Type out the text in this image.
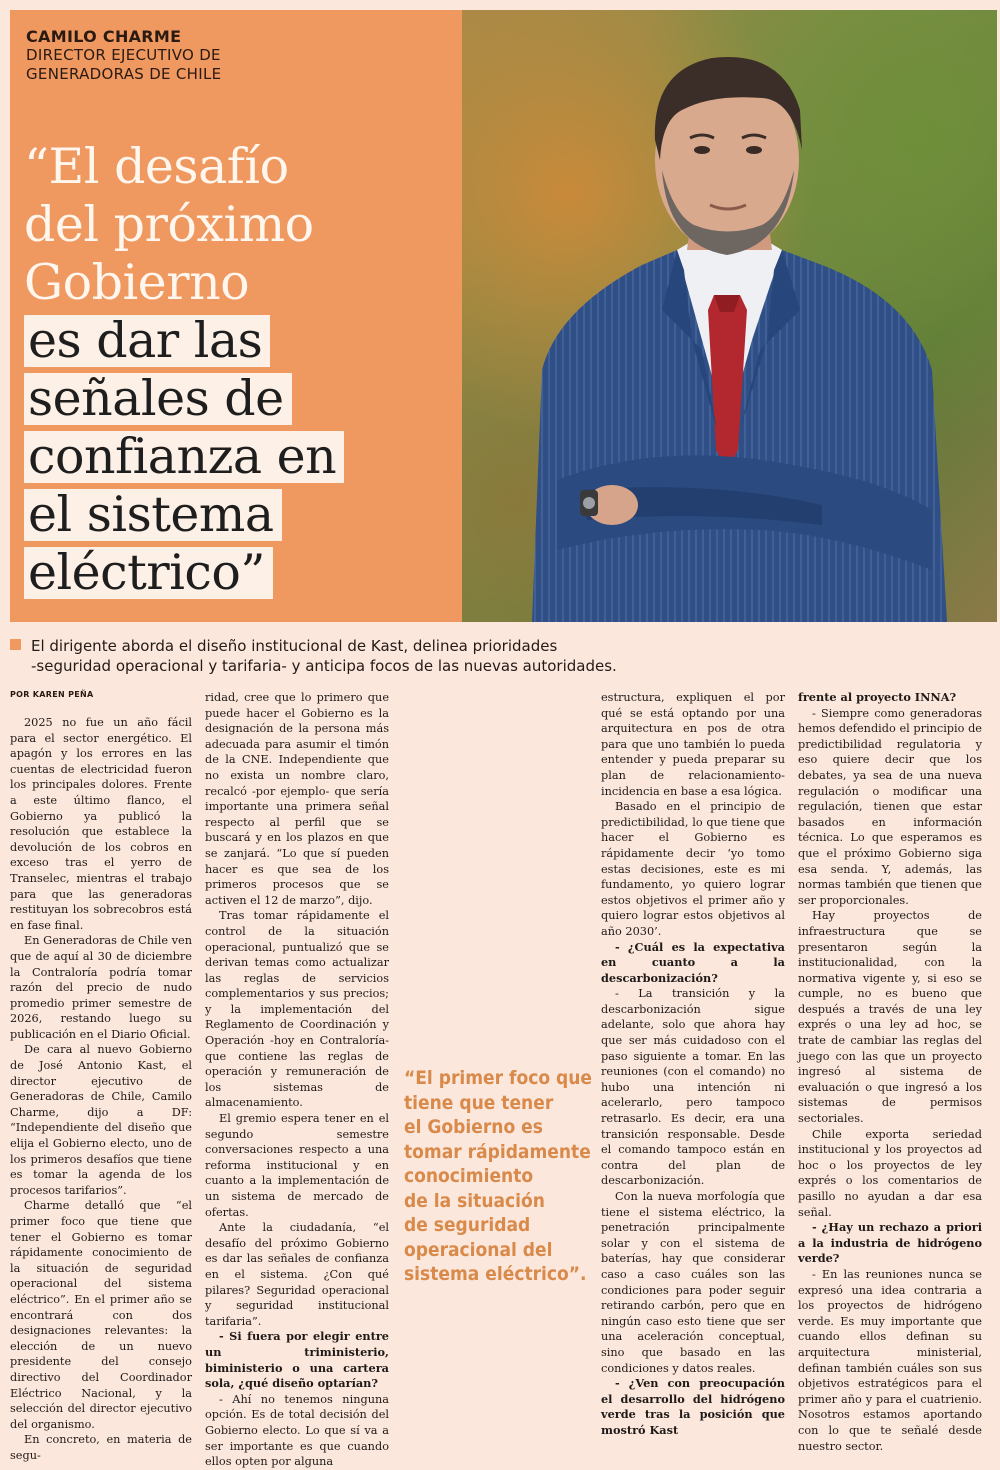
CAMILO CHARME
DIRECTOR EJECUTIVO DE
GENERADORAS DE CHILE
“El desafío
del próximo
Gobierno
es dar las
señales de
confianza en
el sistema
eléctrico”
El dirigente aborda el diseño institucional de Kast, delinea prioridades
-seguridad operacional y tarifaria- y anticipa focos de las nuevas autoridades.
POR KAREN PEÑA

2025 no fue un año fácil para el sector energético. El apagón y los errores en las cuentas de electricidad fueron los principales dolores. Frente a este último flanco, el Gobierno ya publicó la resolución que establece la devolución de los cobros en exceso tras el yerro de Transelec, mientras el trabajo para que las generadoras restituyan los sobrecobros está en fase final.

En Generadoras de Chile ven que de aquí al 30 de diciembre la Contraloría podría tomar razón del precio de nudo promedio primer semestre de 2026, restando luego su publicación en el Diario Oficial.

De cara al nuevo Gobierno de José Antonio Kast, el director ejecutivo de Generadoras de Chile, Camilo Charme, dijo a DF: “Independiente del diseño que elija el Gobierno electo, uno de los primeros desafíos que tiene es tomar la agenda de los procesos tarifarios”.

Charme detalló que “el primer foco que tiene que tener el Gobierno es tomar rápidamente conocimiento de la situación de seguridad operacional del sistema eléctrico”. En el primer año se encontrará con dos designaciones relevantes: la elección de un nuevo presidente del consejo directivo del Coordinador Eléctrico Nacional, y la selección del director ejecutivo del organismo.

En concreto, en materia de segu-

ridad, cree que lo primero que puede hacer el Gobierno es la designación de la persona más adecuada para asumir el timón de la CNE. Independiente que no exista un nombre claro, recalcó -por ejemplo- que sería importante una primera señal respecto al perfil que se buscará y en los plazos en que se zanjará. “Lo que sí pueden hacer es que sea de los primeros procesos que se activen el 12 de marzo”, dijo.

Tras tomar rápidamente el control de la situación operacional, puntualizó que se derivan temas como actualizar las reglas de servicios complementarios y sus precios; y la implementación del Reglamento de Coordinación y Operación -hoy en Contraloría- que contiene las reglas de operación y remuneración de los sistemas de almacenamiento.

El gremio espera tener en el segundo semestre conversaciones respecto a una reforma institucional y en cuanto a la implementación de un sistema de mercado de ofertas.

Ante la ciudadanía, “el desafío del próximo Gobierno es dar las señales de confianza en el sistema. ¿Con qué pilares? Seguridad operacional y seguridad institucional tarifaria”.

- Si fuera por elegir entre un triministerio, biministerio o una cartera sola, ¿qué diseño optarían?

- Ahí no tenemos ninguna opción. Es de total decisión del Gobierno electo. Lo que sí va a ser importante es que cuando ellos opten por alguna

“El primer foco que
tiene que tener
el Gobierno es
tomar rápidamente
conocimiento
de la situación
de seguridad
operacional del
sistema eléctrico”.

estructura, expliquen el por qué se está optando por una arquitectura en pos de otra para que uno también lo pueda entender y pueda preparar su plan de relacionamiento-incidencia en base a esa lógica.

Basado en el principio de predictibilidad, lo que tiene que hacer el Gobierno es rápidamente decir ‘yo tomo estas decisiones, este es mi fundamento, yo quiero lograr estos objetivos el primer año y quiero lograr estos objetivos al año 2030’.

- ¿Cuál es la expectativa en cuanto a la descarbonización?

- La transición y la descarbonización sigue adelante, solo que ahora hay que ser más cuidadoso con el paso siguiente a tomar. En las reuniones (con el comando) no hubo una intención ni acelerarlo, pero tampoco retrasarlo. Es decir, era una transición responsable. Desde el comando tampoco están en contra del plan de descarbonización.

Con la nueva morfología que tiene el sistema eléctrico, la penetración principalmente solar y con el sistema de baterías, hay que considerar caso a caso cuáles son las condiciones para poder seguir retirando carbón, pero que en ningún caso esto tiene que ser una aceleración conceptual, sino que basado en las condiciones y datos reales.

- ¿Ven con preocupación el desarrollo del hidrógeno verde tras la posición que mostró Kast

frente al proyecto INNA?

- Siempre como generadoras hemos defendido el principio de predictibilidad regulatoria y eso quiere decir que los debates, ya sea de una nueva regulación o modificar una regulación, tienen que estar basados en información técnica. Lo que esperamos es que el próximo Gobierno siga esa senda. Y, además, las normas también que tienen que ser proporcionales.

Hay proyectos de infraestructura que se presentaron según la institucionalidad, con la normativa vigente y, si eso se cumple, no es bueno que después a través de una ley exprés o una ley ad hoc, se trate de cambiar las reglas del juego con las que un proyecto ingresó al sistema de evaluación o que ingresó a los sistemas de permisos sectoriales.

Chile exporta seriedad institucional y los proyectos ad hoc o los proyectos de ley exprés o los comentarios de pasillo no ayudan a dar esa señal.

- ¿Hay un rechazo a priori a la industria de hidrógeno verde?

- En las reuniones nunca se expresó una idea contraria a los proyectos de hidrógeno verde. Es muy importante que cuando ellos definan su arquitectura ministerial, definan también cuáles son sus objetivos estratégicos para el primer año y para el cuatrienio. Nosotros estamos aportando con lo que te señalé desde nuestro sector.
